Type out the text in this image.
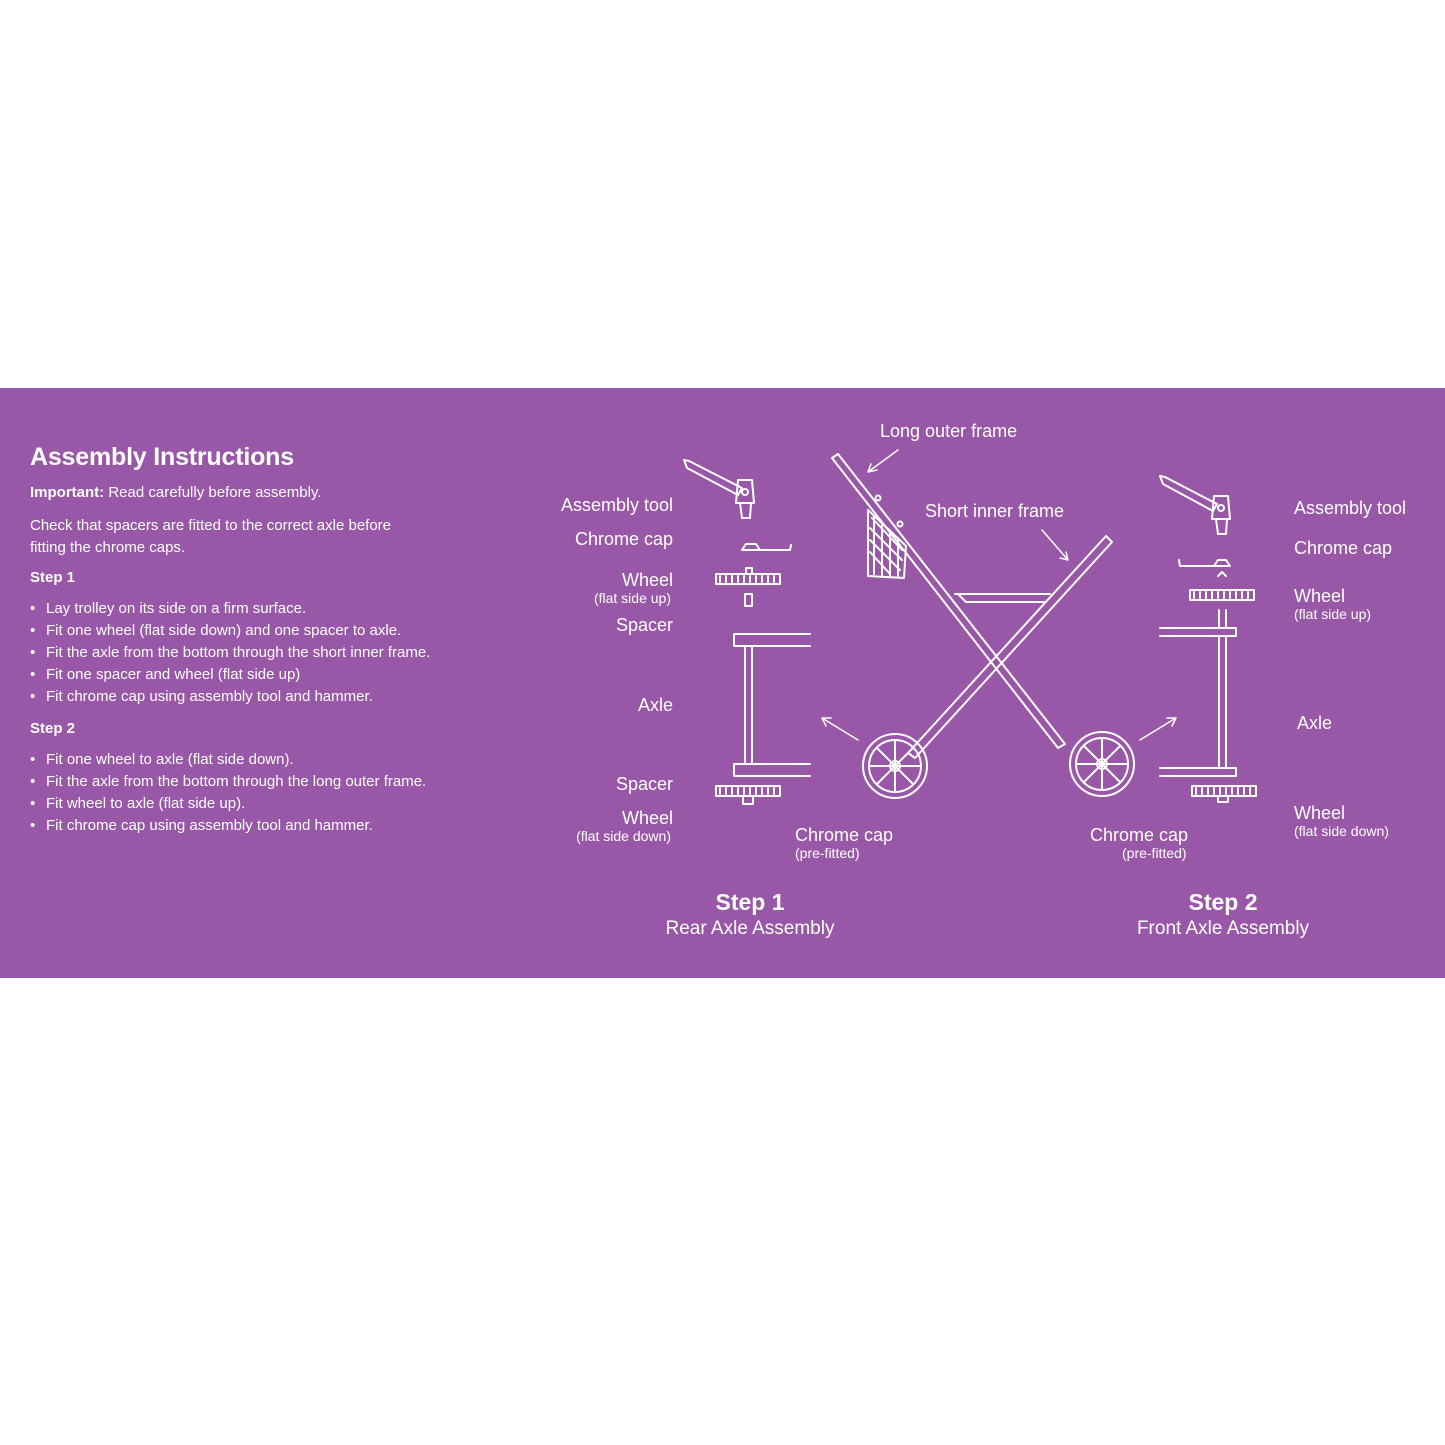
Assembly Instructions
Important: Read carefully before assembly.
Check that spacers are fitted to the correct axle before fitting the chrome caps.
Step 1
• Lay trolley on its side on a firm surface.
• Fit one wheel (flat side down) and one spacer to axle.
• Fit the axle from the bottom through the short inner frame.
• Fit one spacer and wheel (flat side up)
• Fit chrome cap using assembly tool and hammer.
Step 2
• Fit one wheel to axle (flat side down).
• Fit the axle from the bottom through the long outer frame.
• Fit wheel to axle (flat side up).
• Fit chrome cap using assembly tool and hammer.
Assembly tool
Chrome cap
Wheel
(flat side up)
Spacer
Axle
Spacer
Wheel
(flat side down)
Long outer frame
Short inner frame
Chrome cap
(pre-fitted)
Chrome cap
(pre-fitted)
Assembly tool
Chrome cap
Wheel
(flat side up)
Axle
Wheel
(flat side down)
Step 1
Rear Axle Assembly
Step 2
Front Axle Assembly
